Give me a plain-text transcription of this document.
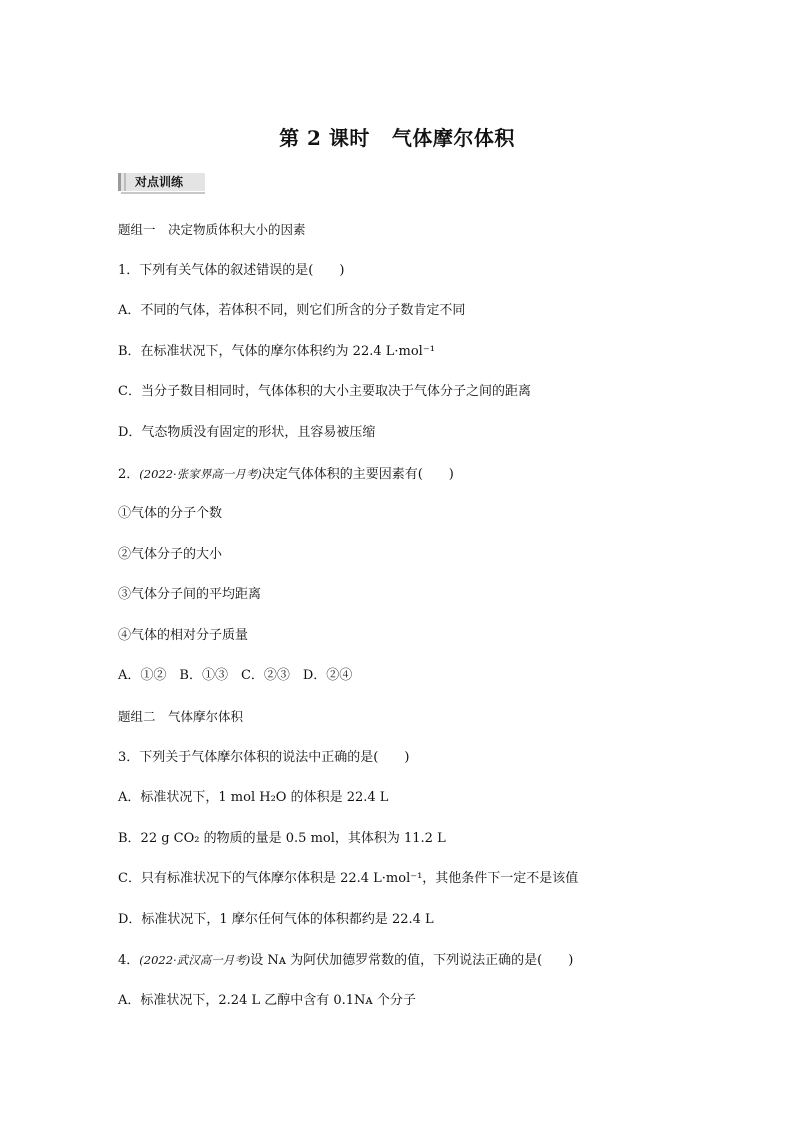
第 2 课时 气体摩尔体积
对点训练
题组一　 决定物质体积大小的因素
1．下列有关气体的叙述错误的是(　　)
A．不同的气体，若体积不同，则它们所含的分子数肯定不同
B．在标准状况下，气体的摩尔体积约为 22.4 L·mol⁻¹
C．当分子数目相同时，气体体积的大小主要取决于气体分子之间的距离
D．气态物质没有固定的形状，且容易被压缩
2．(2022·张家界高一月考)决定气体体积的主要因素有(　　)
①气体的分子个数
②气体分子的大小
③气体分子间的平均距离
④气体的相对分子质量
A．①②　B．①③　C．②③　D．②④
题组二　 气体摩尔体积
3．下列关于气体摩尔体积的说法中正确的是(　　)
A．标准状况下，1 mol H₂O 的体积是 22.4 L
B．22 g CO₂ 的物质的量是 0.5 mol，其体积为 11.2 L
C．只有标准状况下的气体摩尔体积是 22.4 L·mol⁻¹，其他条件下一定不是该值
D．标准状况下，1 摩尔任何气体的体积都约是 22.4 L
4．(2022·武汉高一月考)设 Nᴀ 为阿伏加德罗常数的值，下列说法正确的是(　　)
A．标准状况下，2.24 L 乙醇中含有 0.1Nᴀ 个分子
